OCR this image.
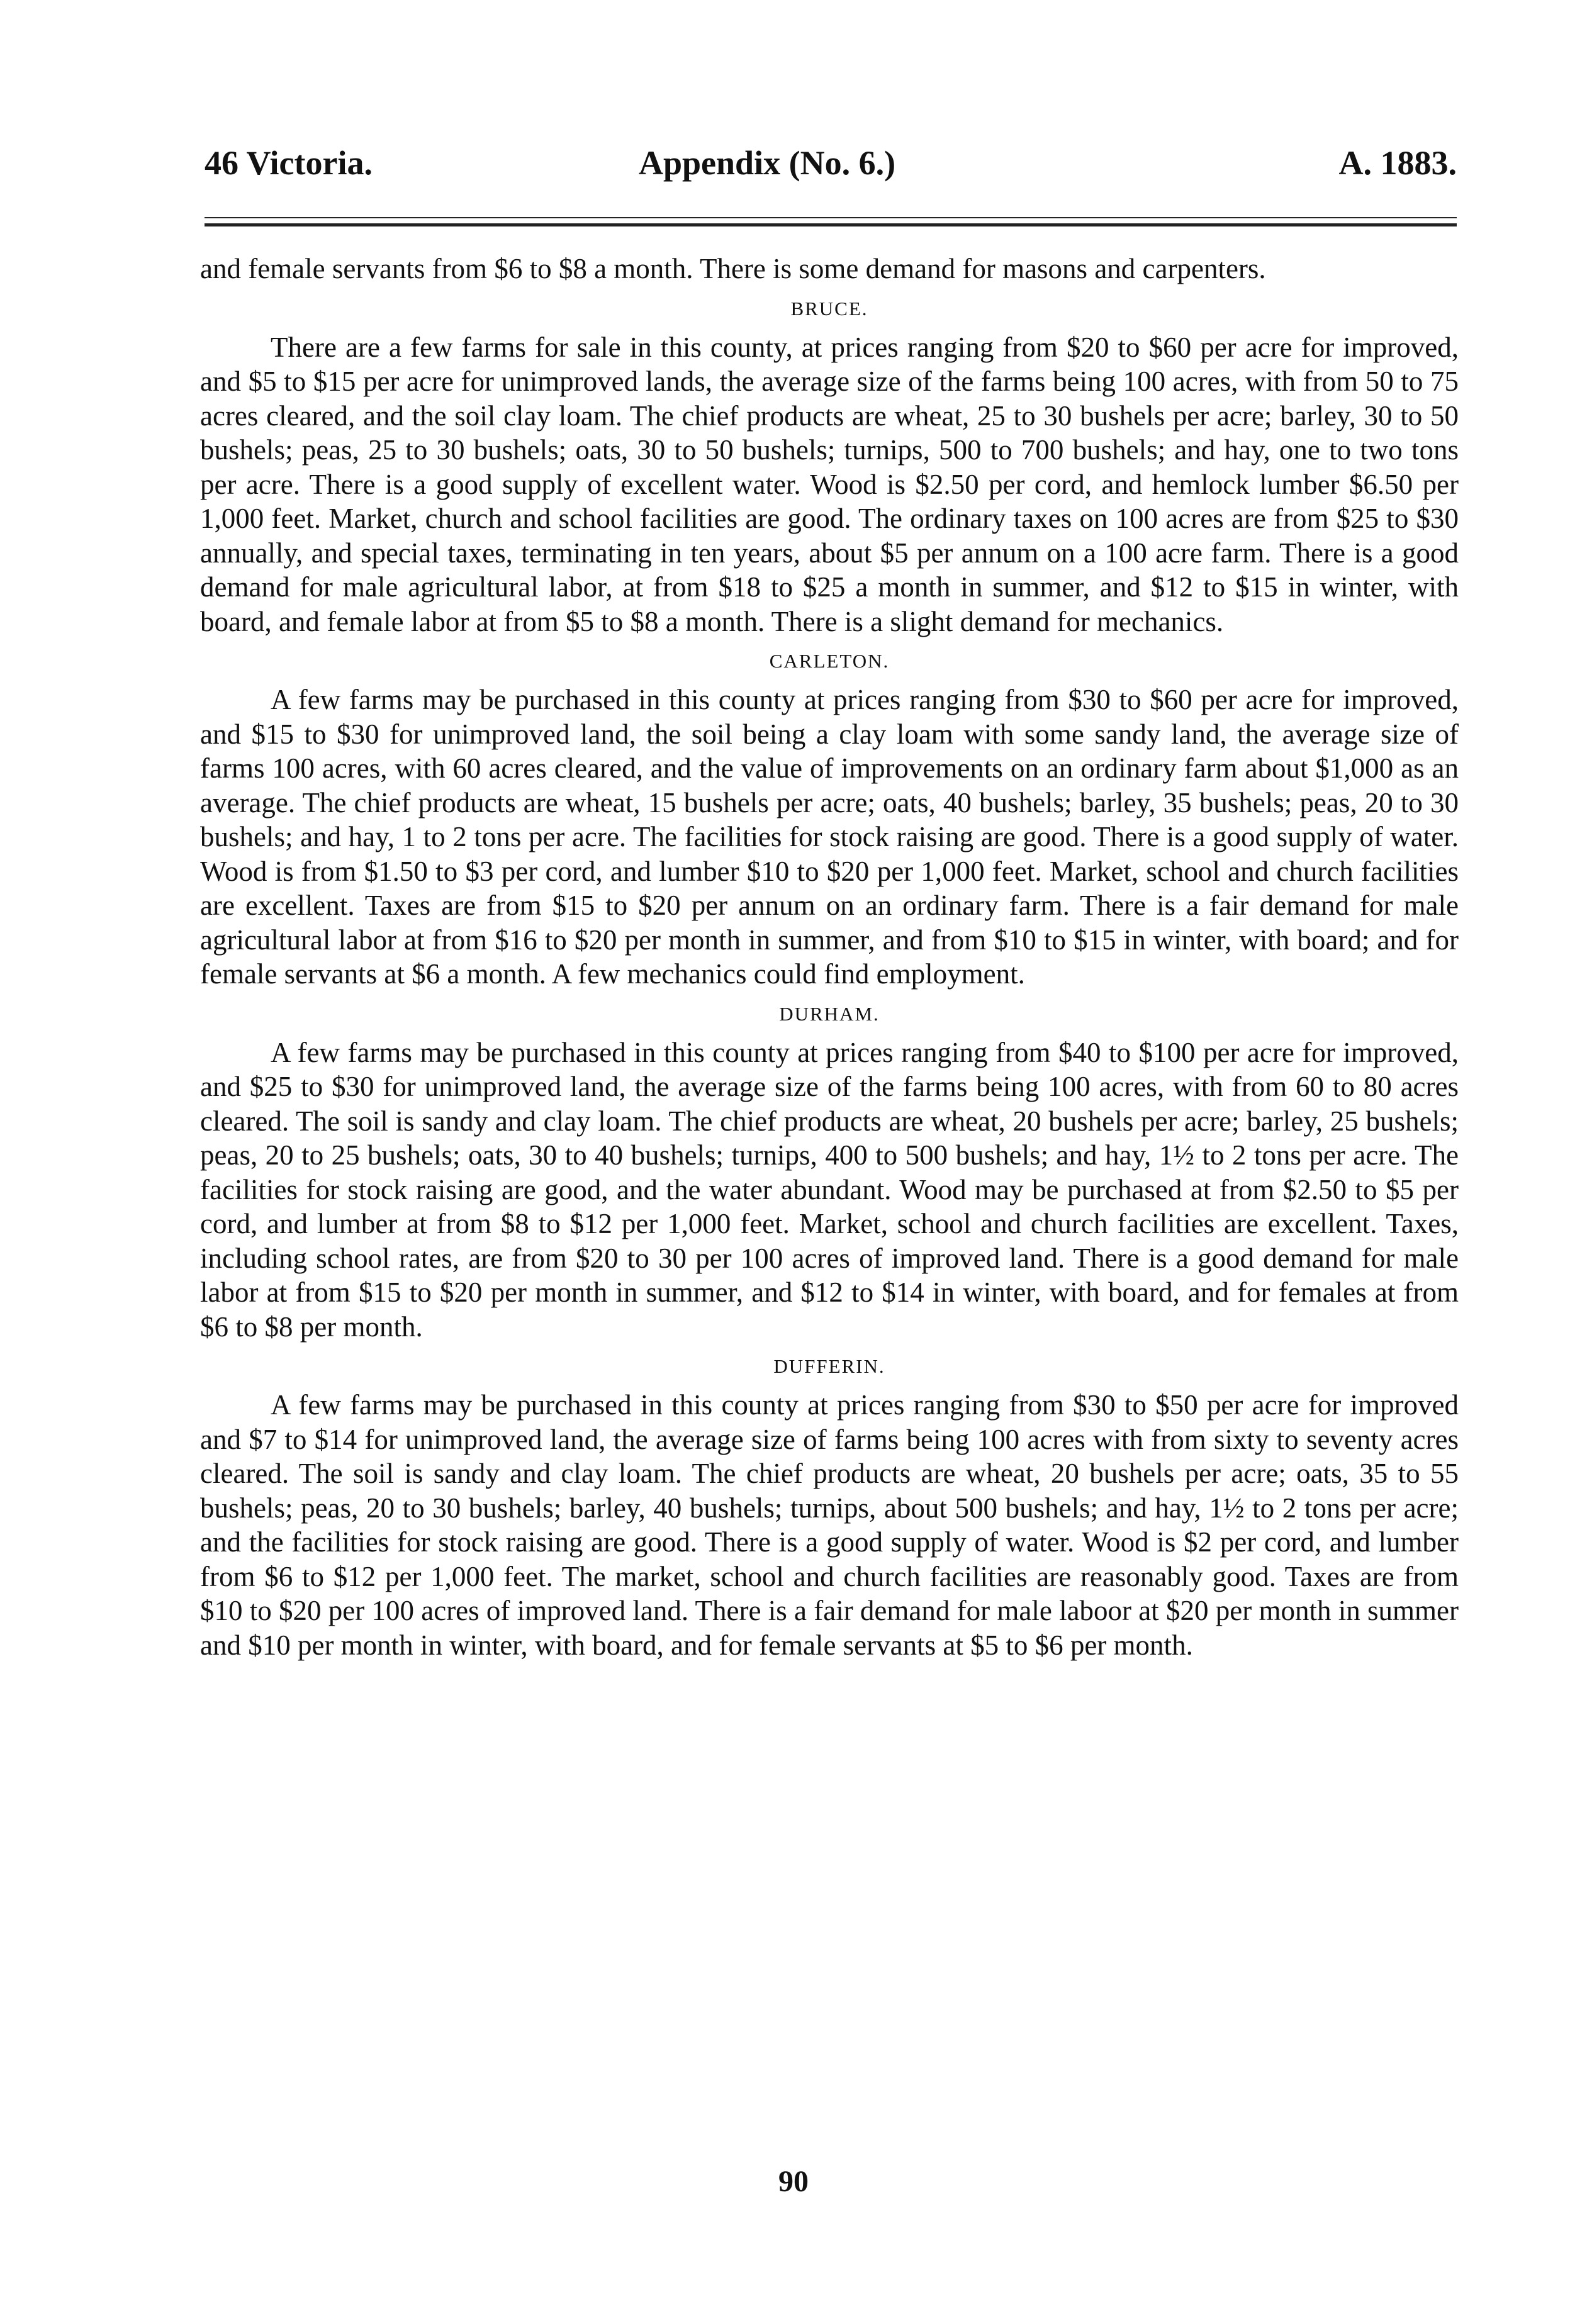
46 Victoria.	Appendix (No. 6.)	A. 1883.

and female servants from $6 to $8 a month. There is some demand for masons and carpenters.

BRUCE.

There are a few farms for sale in this county, at prices ranging from $20 to $60 per acre for improved, and $5 to $15 per acre for unimproved lands, the average size of the farms being 100 acres, with from 50 to 75 acres cleared, and the soil clay loam. The chief products are wheat, 25 to 30 bushels per acre; barley, 30 to 50 bushels; peas, 25 to 30 bushels; oats, 30 to 50 bushels; turnips, 500 to 700 bushels; and hay, one to two tons per acre. There is a good supply of excellent water. Wood is $2.50 per cord, and hemlock lumber $6.50 per 1,000 feet. Market, church and school facilities are good. The ordinary taxes on 100 acres are from $25 to $30 annually, and special taxes, terminating in ten years, about $5 per annum on a 100 acre farm. There is a good demand for male agricultural labor, at from $18 to $25 a month in summer, and $12 to $15 in winter, with board, and female labor at from $5 to $8 a month. There is a slight demand for mechanics.

CARLETON.

A few farms may be purchased in this county at prices ranging from $30 to $60 per acre for improved, and $15 to $30 for unimproved land, the soil being a clay loam with some sandy land, the average size of farms 100 acres, with 60 acres cleared, and the value of improvements on an ordinary farm about $1,000 as an average. The chief products are wheat, 15 bushels per acre; oats, 40 bushels; barley, 35 bushels; peas, 20 to 30 bushels; and hay, 1 to 2 tons per acre. The facilities for stock raising are good. There is a good supply of water. Wood is from $1.50 to $3 per cord, and lumber $10 to $20 per 1,000 feet. Market, school and church facilities are excellent. Taxes are from $15 to $20 per annum on an ordinary farm. There is a fair demand for male agricultural labor at from $16 to $20 per month in summer, and from $10 to $15 in winter, with board; and for female servants at $6 a month. A few mechanics could find employment.

DURHAM.

A few farms may be purchased in this county at prices ranging from $40 to $100 per acre for improved, and $25 to $30 for unimproved land, the average size of the farms being 100 acres, with from 60 to 80 acres cleared. The soil is sandy and clay loam. The chief products are wheat, 20 bushels per acre; barley, 25 bushels; peas, 20 to 25 bushels; oats, 30 to 40 bushels; turnips, 400 to 500 bushels; and hay, 1½ to 2 tons per acre. The facilities for stock raising are good, and the water abundant. Wood may be purchased at from $2.50 to $5 per cord, and lumber at from $8 to $12 per 1,000 feet. Market, school and church facilities are excellent. Taxes, including school rates, are from $20 to 30 per 100 acres of improved land. There is a good demand for male labor at from $15 to $20 per month in summer, and $12 to $14 in winter, with board, and for females at from $6 to $8 per month.

DUFFERIN.

A few farms may be purchased in this county at prices ranging from $30 to $50 per acre for improved and $7 to $14 for unimproved land, the average size of farms being 100 acres with from sixty to seventy acres cleared. The soil is sandy and clay loam. The chief products are wheat, 20 bushels per acre; oats, 35 to 55 bushels; peas, 20 to 30 bushels; barley, 40 bushels; turnips, about 500 bushels; and hay, 1½ to 2 tons per acre; and the facilities for stock raising are good. There is a good supply of water. Wood is $2 per cord, and lumber from $6 to $12 per 1,000 feet. The market, school and church facilities are reasonably good. Taxes are from $10 to $20 per 100 acres of improved land. There is a fair demand for male laboor at $20 per month in summer and $10 per month in winter, with board, and for female servants at $5 to $6 per month.

90
